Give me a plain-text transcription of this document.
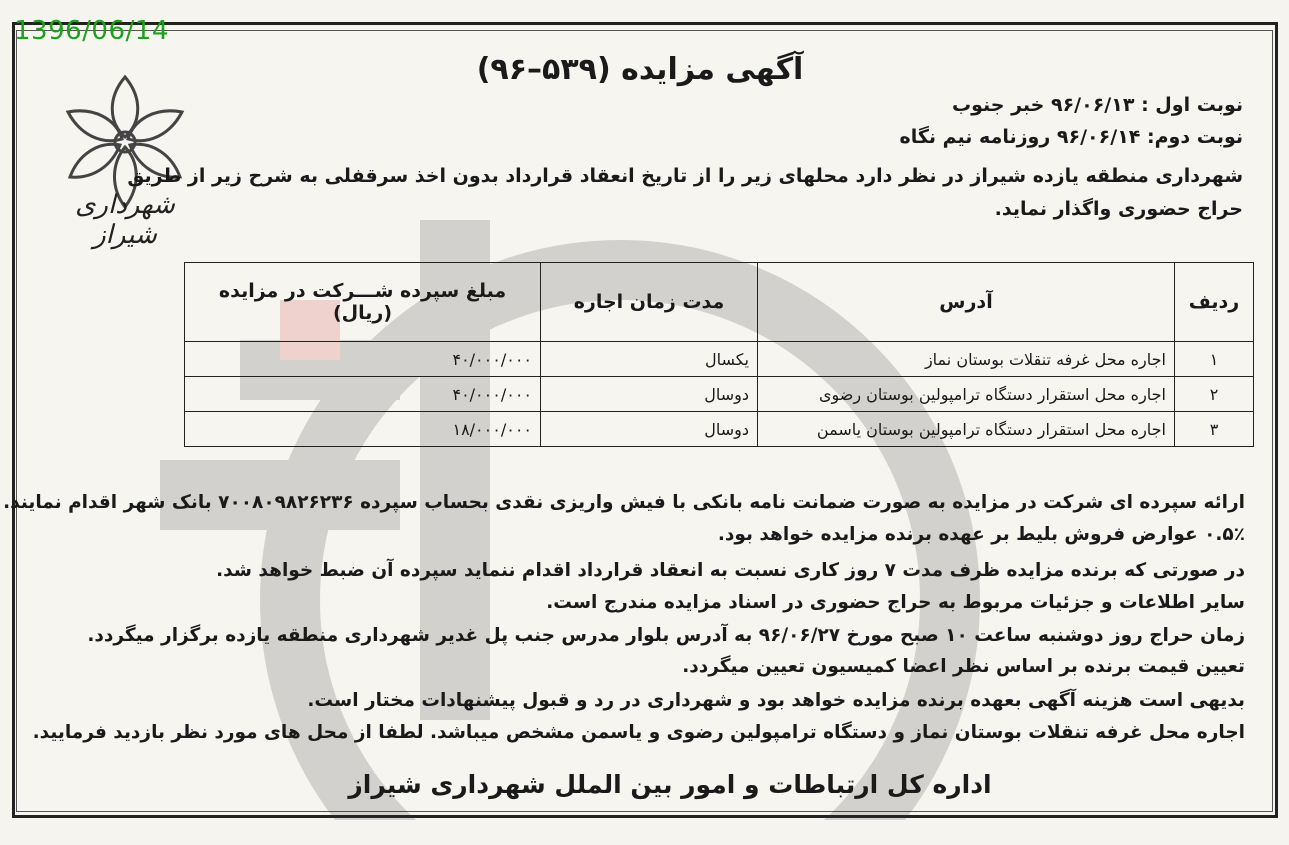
1396/06/14
شهرداری شیراز
آگهی مزایده (۵۳۹–۹۶)
نوبت اول : ۹۶/۰۶/۱۳ خبر جنوب
نوبت دوم: ۹۶/۰۶/۱۴ روزنامه نیم نگاه
شهرداری منطقه یازده شیراز در نظر دارد محلهای زیر را از تاریخ انعقاد قرارداد بدون اخذ سرقفلی به شرح زیر از طریق
حراج حضوری واگذار نماید.
ردیف	آدرس	مدت زمان اجاره	مبلغ سپرده شـــرکت در مزایده
(ریال)

۱	اجاره محل غرفه تنقلات بوستان نماز	یکسال	۴۰/۰۰۰/۰۰۰
۲	اجاره محل استقرار دستگاه ترامپولین بوستان رضوی	دوسال	۴۰/۰۰۰/۰۰۰
۳	اجاره محل استقرار دستگاه ترامپولین بوستان یاسمن	دوسال	۱۸/۰۰۰/۰۰۰
ارائه سپرده ای شرکت در مزایده به صورت ضمانت نامه بانکی با فیش واریزی نقدی بحساب سپرده ۷۰۰۸۰۹۸۲۶۲۳۶ بانک شهر اقدام نمایند.
۰.۵٪ عوارض فروش بلیط بر عهده برنده مزایده خواهد بود.
در صورتی که برنده مزایده ظرف مدت ۷ روز کاری نسبت به انعقاد قرارداد اقدام ننماید سپرده آن ضبط خواهد شد.
سایر اطلاعات و جزئیات مربوط به حراج حضوری در اسناد مزایده مندرج است.
زمان حراج روز دوشنبه ساعت ۱۰ صبح مورخ ۹۶/۰۶/۲۷ به آدرس بلوار مدرس جنب پل غدیر شهرداری منطقه یازده برگزار میگردد.
تعیین قیمت برنده بر اساس نظر اعضا کمیسیون تعیین میگردد.
بدیهی است هزینه آگهی بعهده برنده مزایده خواهد بود و شهرداری در رد و قبول پیشنهادات مختار است.
اجاره محل غرفه تنقلات بوستان نماز و دستگاه ترامپولین رضوی و یاسمن مشخص میباشد. لطفا از محل های مورد نظر بازدید فرمایید.
اداره کل ارتباطات و امور بین الملل شهرداری شیراز
